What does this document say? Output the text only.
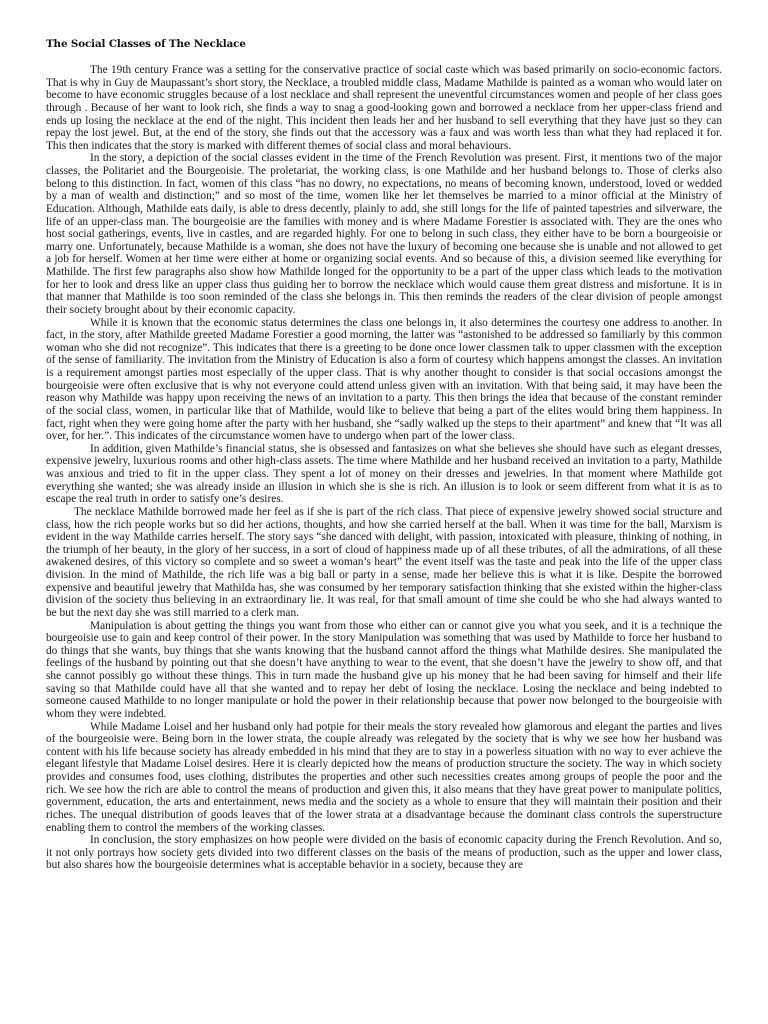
The Social Classes of The Necklace

The 19th century France was a setting for the conservative practice of social caste which was based primarily on socio-economic factors. That is why in Guy de Maupassant’s short story, the Necklace, a troubled middle class, Madame Mathilde is painted as a woman who would later on become to have economic struggles because of a lost necklace and shall represent the uneventful circumstances women and people of her class goes through . Because of her want to look rich, she finds a way to snag a good-looking gown and borrowed a necklace from her upper-class friend and ends up losing the necklace at the end of the night. This incident then leads her and her husband to sell everything that they have just so they can repay the lost jewel. But, at the end of the story, she finds out that the accessory was a faux and was worth less than what they had replaced it for. This then indicates that the story is marked with different themes of social class and moral behaviours.

In the story, a depiction of the social classes evident in the time of the French Revolution was present. First, it mentions two of the major classes, the Politariet and the Bourgeoisie. The proletariat, the working class, is one Mathilde and her husband belongs to. Those of clerks also belong to this distinction. In fact, women of this class “has no dowry, no expectations, no means of becoming known, understood, loved or wedded by a man of wealth and distinction;” and so most of the time, women like her let themselves be married to a minor official at the Ministry of Education. Although, Mathilde eats daily, is able to dress decently, plainly to add, she still longs for the life of painted tapestries and silverware, the life of an upper-class man. The bourgeoisie are the families with money and is where Madame Forestier is associated with. They are the ones who host social gatherings, events, live in castles, and are regarded highly. For one to belong in such class, they either have to be born a bourgeoisie or marry one. Unfortunately, because Mathilde is a woman, she does not have the luxury of becoming one because she is unable and not allowed to get a job for herself. Women at her time were either at home or organizing social events. And so because of this, a division seemed like everything for Mathilde. The first few paragraphs also show how Mathilde longed for the opportunity to be a part of the upper class which leads to the motivation for her to look and dress like an upper class thus guiding her to borrow the necklace which would cause them great distress and misfortune. It is in that manner that Mathilde is too soon reminded of the class she belongs in. This then reminds the readers of the clear division of people amongst their society brought about by their economic capacity.

While it is known that the economic status determines the class one belongs in, it also determines the courtesy one address to another. In fact, in the story, after Mathilde greeted Madame Forestier a good morning, the latter was “astonished to be addressed so familiarly by this common woman who she did not recognize”. This indicates that there is a greeting to be done once lower classmen talk to upper classmen with the exception of the sense of familiarity. The invitation from the Ministry of Education is also a form of courtesy which happens amongst the classes. An invitation is a requirement amongst parties most especially of the upper class. That is why another thought to consider is that social occasions amongst the bourgeoisie were often exclusive that is why not everyone could attend unless given with an invitation. With that being said, it may have been the reason why Mathilde was happy upon receiving the news of an invitation to a party. This then brings the idea that because of the constant reminder of the social class, women, in particular like that of Mathilde, would like to believe that being a part of the elites would bring them happiness. In fact, right when they were going home after the party with her husband, she “sadly walked up the steps to their apartment” and knew that “It was all over, for her.”. This indicates of the circumstance women have to undergo when part of the lower class.

In addition, given Mathilde’s financial status, she is obsessed and fantasizes on what she believes she should have such as elegant dresses, expensive jewelry, luxurious rooms and other high-class assets. The time where Mathilde and her husband received an invitation to a party, Mathilde was anxious and tried to fit in the upper class. They spent a lot of money on their dresses and jewelries. In that moment where Mathilde got everything she wanted; she was already inside an illusion in which she is she is rich. An illusion is to look or seem different from what it is as to escape the real truth in order to satisfy one’s desires.

The necklace Mathilde borrowed made her feel as if she is part of the rich class. That piece of expensive jewelry showed social structure and class, how the rich people works but so did her actions, thoughts, and how she carried herself at the ball. When it was time for the ball, Marxism is evident in the way Mathilde carries herself. The story says “she danced with delight, with passion, intoxicated with pleasure, thinking of nothing, in the triumph of her beauty, in the glory of her success, in a sort of cloud of happiness made up of all these tributes, of all the admirations, of all these awakened desires, of this victory so complete and so sweet a woman’s heart” the event itself was the taste and peak into the life of the upper class division. In the mind of Mathilde, the rich life was a big ball or party in a sense, made her believe this is what it is like. Despite the borrowed expensive and beautiful jewelry that Mathilda has, she was consumed by her temporary satisfaction thinking that she existed within the higher-class division of the society thus believing in an extraordinary lie. It was real, for that small amount of time she could be who she had always wanted to be but the next day she was still married to a clerk man.

Manipulation is about getting the things you want from those who either can or cannot give you what you seek, and it is a technique the bourgeoisie use to gain and keep control of their power. In the story Manipulation was something that was used by Mathilde to force her husband to do things that she wants, buy things that she wants knowing that the husband cannot afford the things what Mathilde desires. She manipulated the feelings of the husband by pointing out that she doesn’t have anything to wear to the event, that she doesn’t have the jewelry to show off, and that she cannot possibly go without these things. This in turn made the husband give up his money that he had been saving for himself and their life saving so that Mathilde could have all that she wanted and to repay her debt of losing the necklace. Losing the necklace and being indebted to someone caused Mathilde to no longer manipulate or hold the power in their relationship because that power now belonged to the bourgeoisie with whom they were indebted.

While Madame Loisel and her husband only had potpie for their meals the story revealed how glamorous and elegant the parties and lives of the bourgeoisie were. Being born in the lower strata, the couple already was relegated by the society that is why we see how her husband was content with his life because society has already embedded in his mind that they are to stay in a powerless situation with no way to ever achieve the elegant lifestyle that Madame Loisel desires. Here it is clearly depicted how the means of production structure the society. The way in which society provides and consumes food, uses clothing, distributes the properties and other such necessities creates among groups of people the poor and the rich. We see how the rich are able to control the means of production and given this, it also means that they have great power to manipulate politics, government, education, the arts and entertainment, news media and the society as a whole to ensure that they will maintain their position and their riches. The unequal distribution of goods leaves that of the lower strata at a disadvantage because the dominant class controls the superstructure enabling them to control the members of the working classes.

In conclusion, the story emphasizes on how people were divided on the basis of economic capacity during the French Revolution. And so, it not only portrays how society gets divided into two different classes on the basis of the means of production, such as the upper and lower class, but also shares how the bourgeoisie determines what is acceptable behavior in a society, because they are
